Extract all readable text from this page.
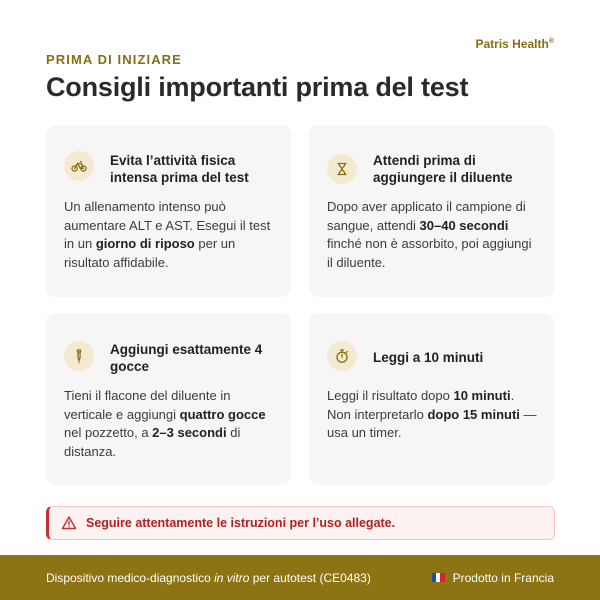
Patris Health®
PRIMA DI INIZIARE
Consigli importanti prima del test
Evita l’attività fisica intensa prima del test
Un allenamento intenso può aumentare ALT e AST. Esegui il test in un giorno di riposo per un risultato affidabile.
Attendi prima di aggiungere il diluente
Dopo aver applicato il campione di sangue, attendi 30–40 secondi finché non è assorbito, poi aggiungi il diluente.
Aggiungi esattamente 4 gocce
Tieni il flacone del diluente in verticale e aggiungi quattro gocce nel pozzetto, a 2–3 secondi di distanza.
Leggi a 10 minuti
Leggi il risultato dopo 10 minuti. Non interpretarlo dopo 15 minuti — usa un timer.
Seguire attentamente le istruzioni per l’uso allegate.
Dispositivo medico-diagnostico in vitro per autotest (CE0483)	Prodotto in Francia
